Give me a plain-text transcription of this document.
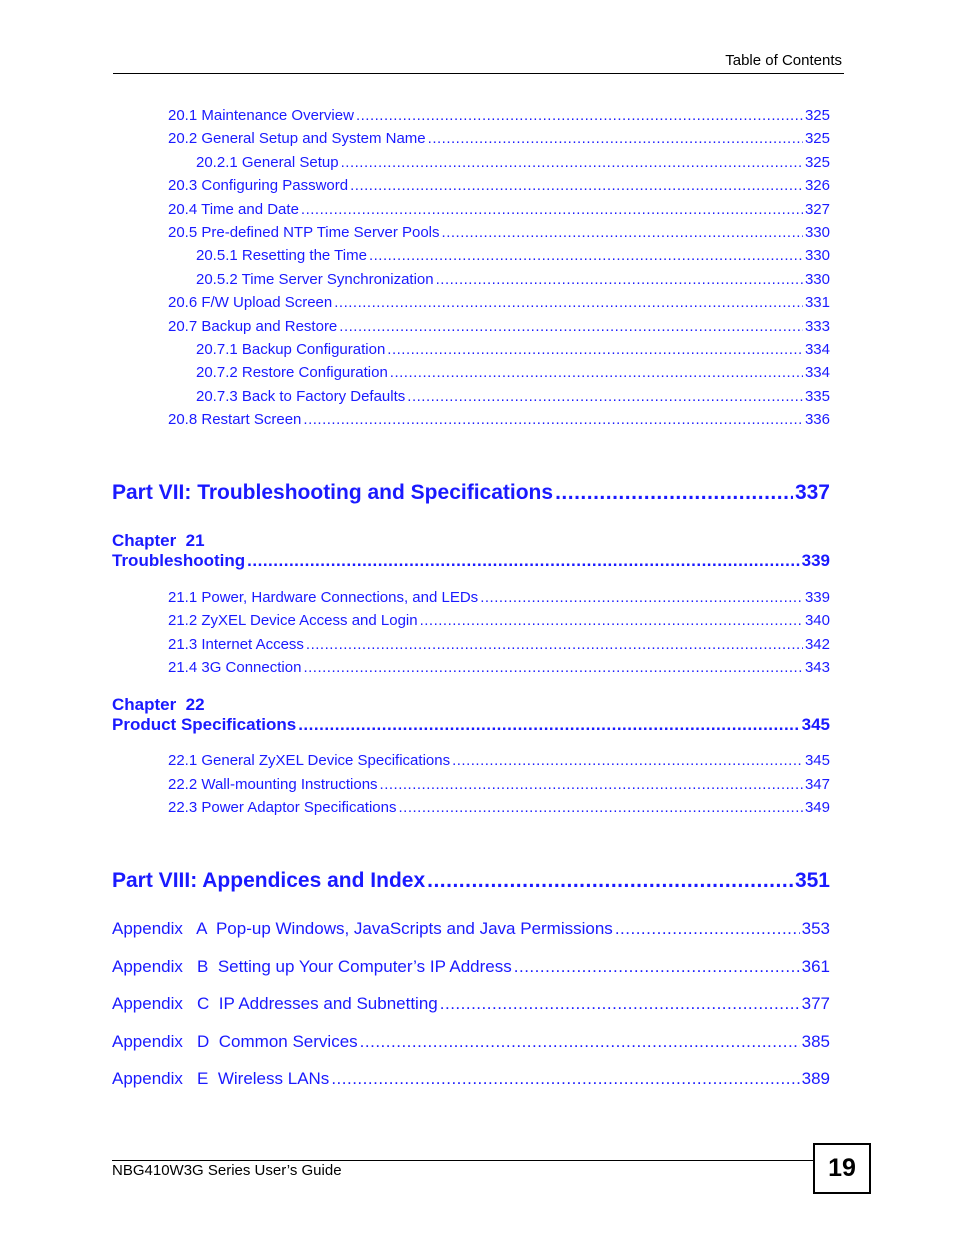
Table of Contents
20.1 Maintenance Overview .....	325
20.2 General Setup and System Name .....	325
20.2.1 General Setup .....	325
20.3 Configuring Password .....	326
20.4 Time and Date .....	327
20.5 Pre-defined NTP Time Server Pools .....	330
20.5.1 Resetting the Time .....	330
20.5.2 Time Server Synchronization .....	330
20.6 F/W Upload Screen .....	331
20.7 Backup and Restore .....	333
20.7.1 Backup Configuration .....	334
20.7.2 Restore Configuration .....	334
20.7.3 Back to Factory Defaults .....	335
20.8 Restart Screen .....	336
Part VII: Troubleshooting and Specifications .....	337
Chapter  21
Troubleshooting .....	339
21.1 Power, Hardware Connections, and LEDs .....	339
21.2 ZyXEL Device Access and Login .....	340
21.3 Internet Access .....	342
21.4 3G Connection .....	343
Chapter  22
Product Specifications .....	345
22.1 General ZyXEL Device Specifications .....	345
22.2 Wall-mounting Instructions .....	347
22.3 Power Adaptor Specifications .....	349
Part VIII: Appendices and Index .....	351
Appendix   A  Pop-up Windows, JavaScripts and Java Permissions .....	353
Appendix   B  Setting up Your Computer’s IP Address .....	361
Appendix   C  IP Addresses and Subnetting .....	377
Appendix   D  Common Services .....	385
Appendix   E  Wireless LANs .....	389
NBG410W3G Series User’s Guide	19
